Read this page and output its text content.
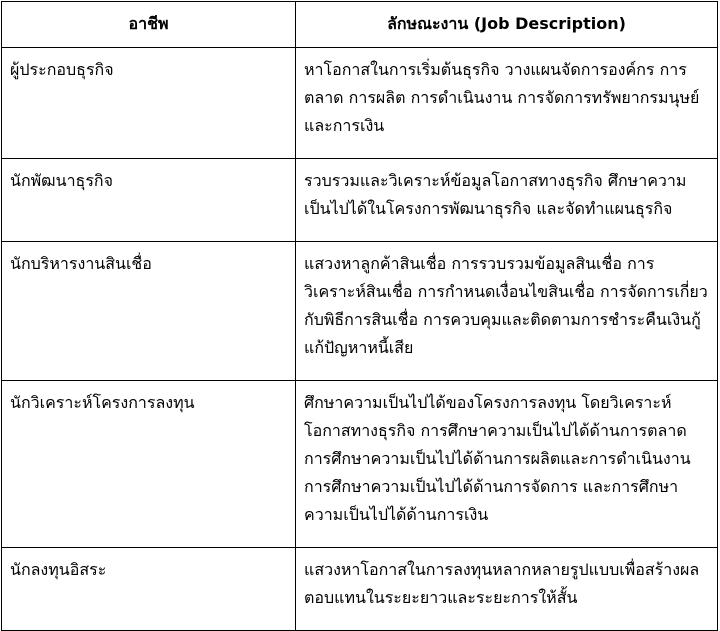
อาชีพ	ลักษณะงาน (Job Description)
ผู้ประกอบธุรกิจ	หาโอกาสในการเริ่มต้นธุรกิจ วางแผนจัดการองค์กร การตลาด การผลิต การดำเนินงาน การจัดการทรัพยากรมนุษย์ และการเงิน
นักพัฒนาธุรกิจ	รวบรวมและวิเคราะห์ข้อมูลโอกาสทางธุรกิจ ศึกษาความเป็นไปได้ในโครงการพัฒนาธุรกิจ และจัดทำแผนธุรกิจ
นักบริหารงานสินเชื่อ	แสวงหาลูกค้าสินเชื่อ การรวบรวมข้อมูลสินเชื่อ การวิเคราะห์สินเชื่อ การกำหนดเงื่อนไขสินเชื่อ การจัดการเกี่ยวกับพิธีการสินเชื่อ การควบคุมและติดตามการชำระคืนเงินกู้ แก้ปัญหาหนี้เสีย
นักวิเคราะห์โครงการลงทุน	ศึกษาความเป็นไปได้ของโครงการลงทุน โดยวิเคราะห์โอกาสทางธุรกิจ การศึกษาความเป็นไปได้ด้านการตลาด การศึกษาความเป็นไปได้ด้านการผลิตและการดำเนินงาน การศึกษาความเป็นไปได้ด้านการจัดการ และการศึกษาความเป็นไปได้ด้านการเงิน
นักลงทุนอิสระ	แสวงหาโอกาสในการลงทุนหลากหลายรูปแบบเพื่อสร้างผลตอบแทนในระยะยาวและระยะการให้สั้น
